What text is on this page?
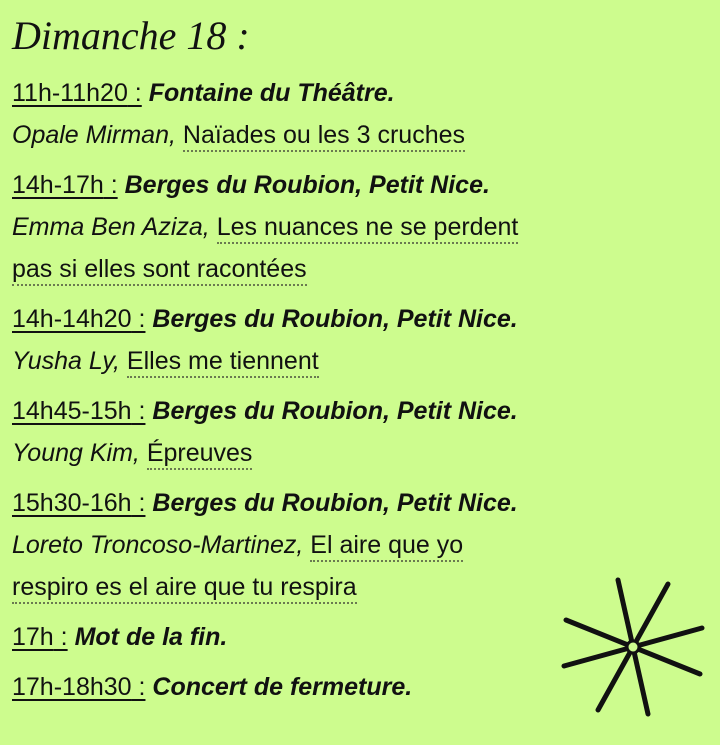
Dimanche 18 :
11h-11h20 : Fontaine du Théâtre.
Opale Mirman, Naïades ou les 3 cruches
14h-17h : Berges du Roubion, Petit Nice.
Emma Ben Aziza, Les nuances ne se perdent
pas si elles sont racontées
14h-14h20 : Berges du Roubion, Petit Nice.
Yusha Ly, Elles me tiennent
14h45-15h : Berges du Roubion, Petit Nice.
Young Kim, Épreuves
15h30-16h : Berges du Roubion, Petit Nice.
Loreto Troncoso-Martinez, El aire que yo
respiro es el aire que tu respira
17h : Mot de la fin.
17h-18h30 : Concert de fermeture.
